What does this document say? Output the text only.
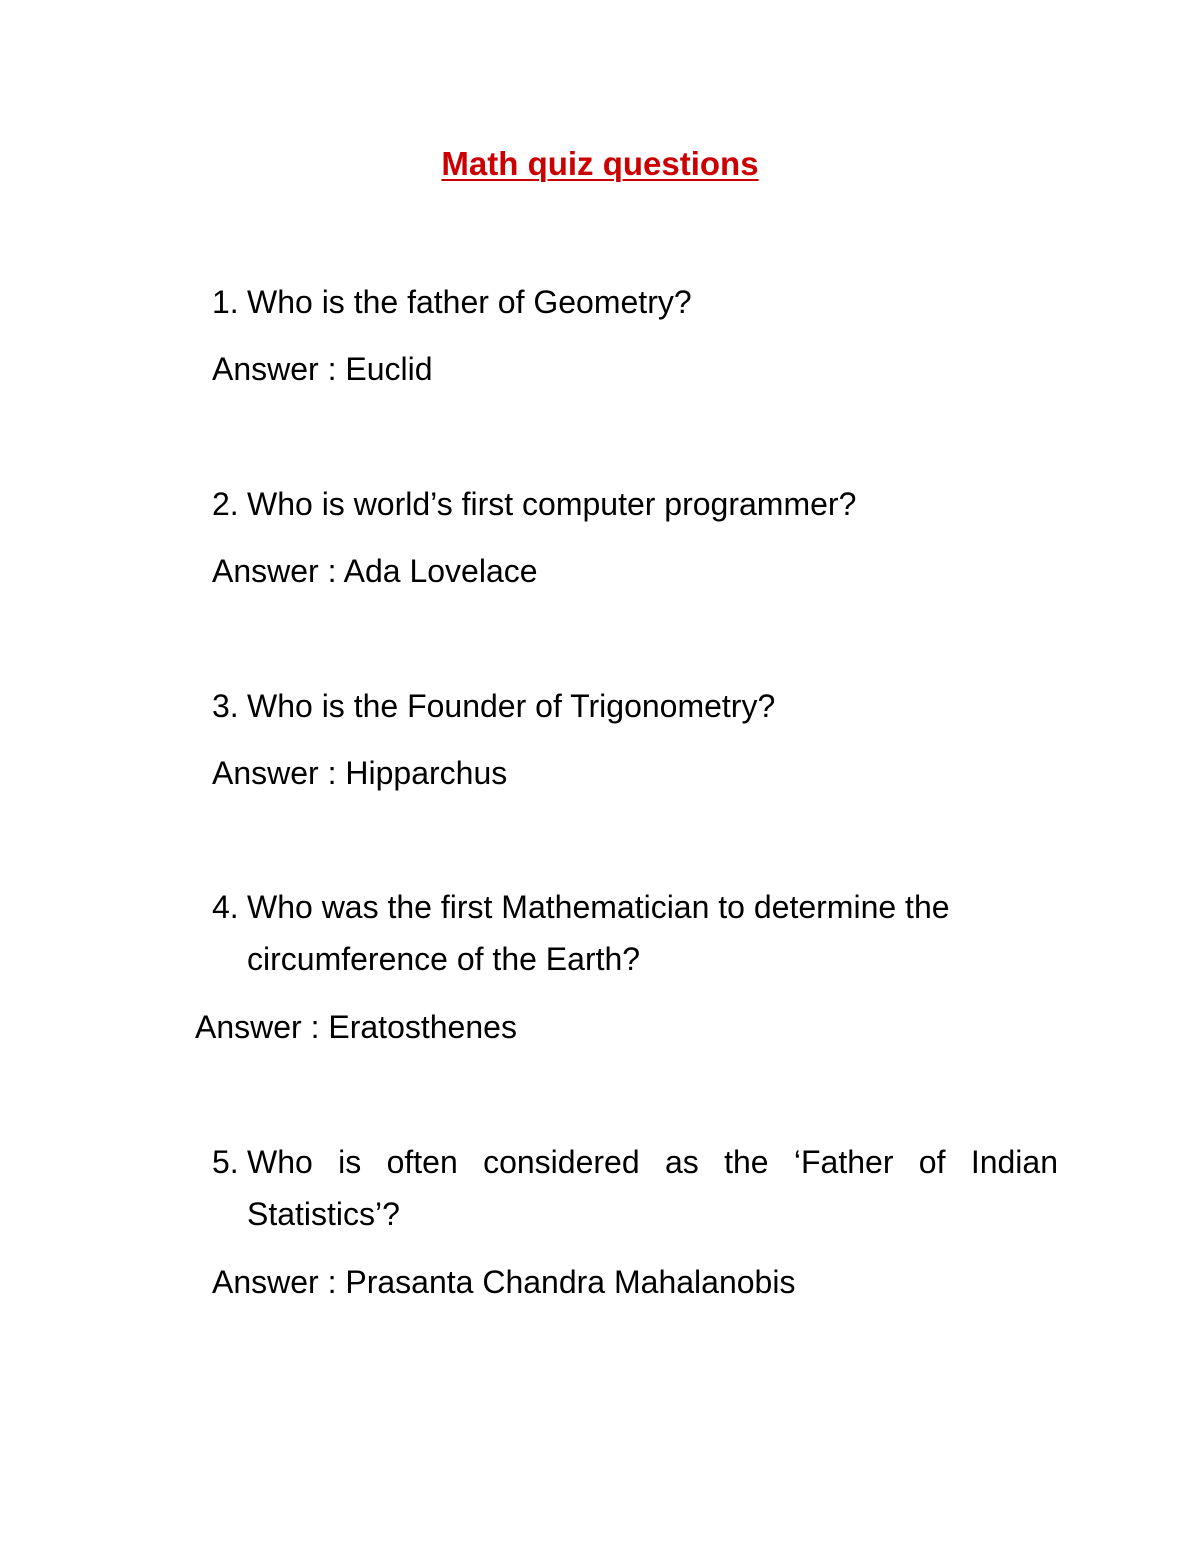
Math quiz questions
1. Who is the father of Geometry?
Answer : Euclid
2. Who is world’s first computer programmer?
Answer : Ada Lovelace
3. Who is the Founder of Trigonometry?
Answer : Hipparchus
4. Who was the first Mathematician to determine the
circumference of the Earth?
Answer : Eratosthenes
5. Who is often considered as the ‘Father of Indian
Statistics’?
Answer : Prasanta Chandra Mahalanobis
